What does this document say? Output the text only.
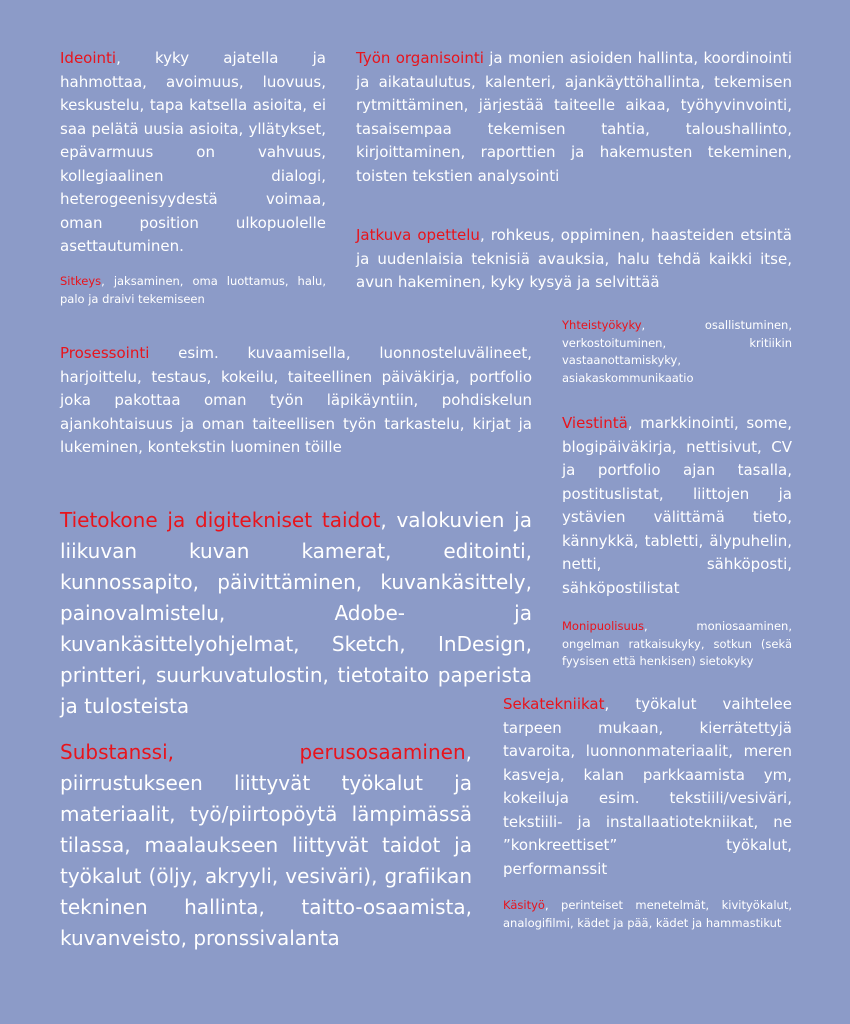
Ideointi, kyky ajatella ja hahmottaa, avoimuus, luovuus, keskustelu, tapa katsella asioita, ei saa pelätä uusia asioita, yllätykset, epävarmuus on vahvuus, kollegiaalinen dialogi, heterogeenisyydestä voimaa, oman position ulkopuolelle asettautuminen.

Sitkeys, jaksaminen, oma luottamus, halu, palo ja draivi tekemiseen

Työn organisointi ja monien asioiden hallinta, koordinointi ja aikataulutus, kalenteri, ajankäyttöhallinta, tekemisen rytmittäminen, järjestää taiteelle aikaa, työhyvinvointi, tasaisempaa tekemisen tahtia, taloushallinto, kirjoittaminen, raporttien ja hakemusten tekeminen, toisten tekstien analysointi

Jatkuva opettelu, rohkeus, oppiminen, haasteiden etsintä ja uudenlaisia teknisiä avauksia, halu tehdä kaikki itse, avun hakeminen, kyky kysyä ja selvittää

Yhteistyökyky, osallistuminen, verkostoituminen, kritiikin vastaanottamiskyky, asiakaskommunikaatio

Prosessointi esim. kuvaamisella, luonnosteluvälineet, harjoittelu, testaus, kokeilu, taiteellinen päiväkirja, portfolio joka pakottaa oman työn läpikäyntiin, pohdiskelun ajankohtaisuus ja oman taiteellisen työn tarkastelu, kirjat ja lukeminen, kontekstin luominen töille

Viestintä, markkinointi, some, blogipäiväkirja, nettisivut, CV ja portfolio ajan tasalla, postituslistat, liittojen ja ystävien välittämä tieto, kännykkä, tabletti, älypuhelin, netti, sähköposti, sähköpostilistat

Tietokone ja digitekniset taidot, valokuvien ja liikuvan kuvan kamerat, editointi, kunnossapito, päivittäminen, kuvankäsittely, painovalmistelu, Adobe- ja kuvankäsittelyohjelmat, Sketch, InDesign, printteri, suurkuvatulostin, tietotaito paperista ja tulosteista

Monipuolisuus, moniosaaminen, ongelman ratkaisukyky, sotkun (sekä fyysisen että henkisen) sietokyky

Sekatekniikat, työkalut vaihtelee tarpeen mukaan, kierrätettyjä tavaroita, luonnonmateriaalit, meren kasveja, kalan parkkaamista ym, kokeiluja esim. tekstiili/vesiväri, tekstiili- ja installaatiotekniikat, ne ”konkreettiset” työkalut, performanssit

Substanssi, perusosaaminen, piirrustukseen liittyvät työkalut ja materiaalit, työ/piirtopöytä lämpimässä tilassa, maalaukseen liittyvät taidot ja työkalut (öljy, akryyli, vesiväri), grafiikan tekninen hallinta, taitto-osaamista, kuvanveisto, pronssivalanta

Käsityö, perinteiset menetelmät, kivityökalut, analogifilmi, kädet ja pää, kädet ja hammastikut
